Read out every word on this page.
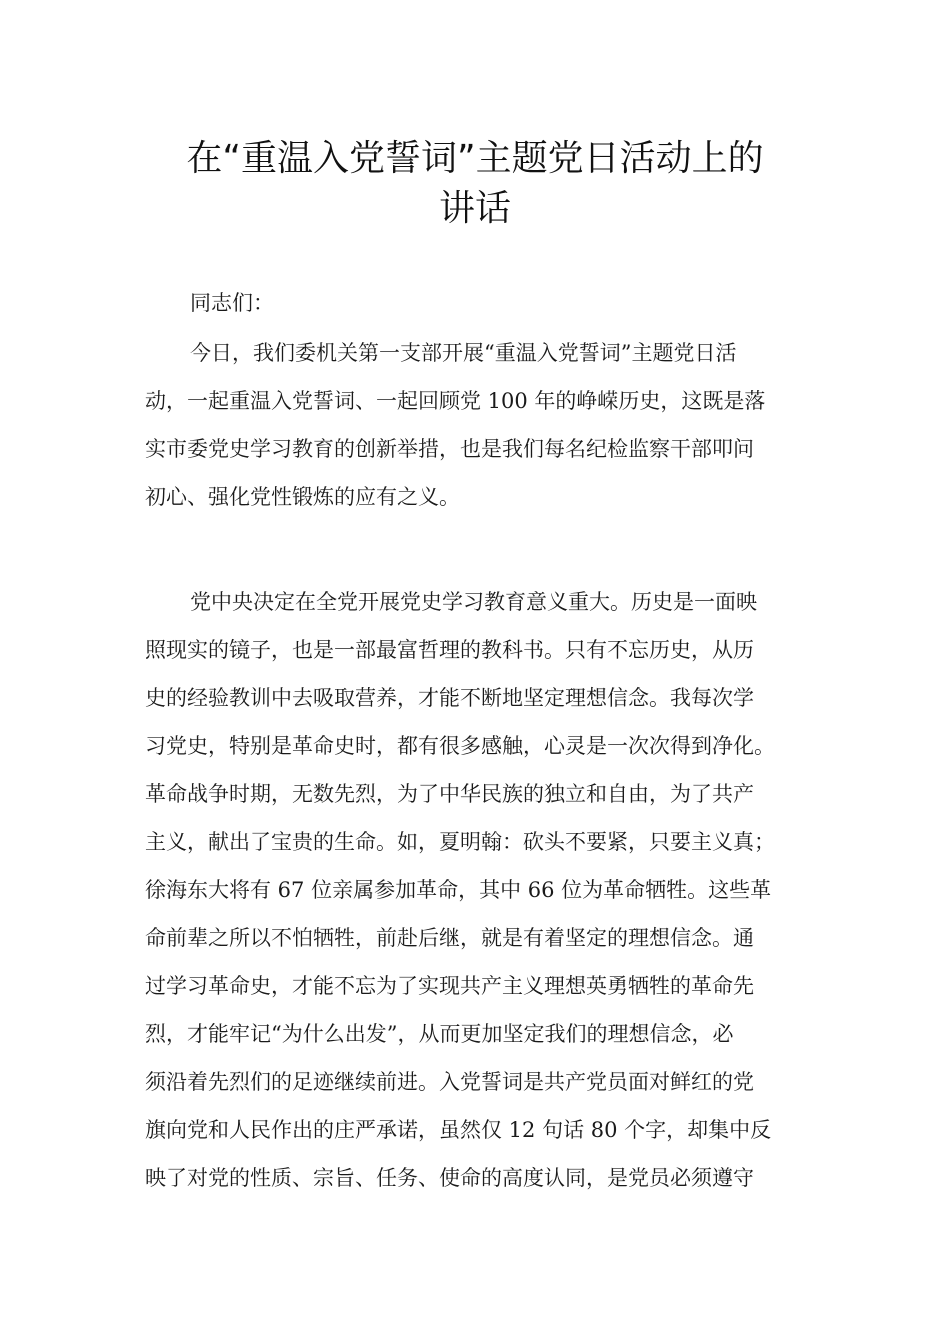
在“重温入党誓词”主题党日活动上的
讲话

同志们：

今日，我们委机关第一支部开展“重温入党誓词”主题党日活

动，一起重温入党誓词、一起回顾党 100 年的峥嵘历史，这既是落

实市委党史学习教育的创新举措，也是我们每名纪检监察干部叩问

初心、强化党性锻炼的应有之义。

党中央决定在全党开展党史学习教育意义重大。历史是一面映

照现实的镜子，也是一部最富哲理的教科书。只有不忘历史，从历

史的经验教训中去吸取营养，才能不断地坚定理想信念。我每次学

习党史，特别是革命史时，都有很多感触，心灵是一次次得到净化。

革命战争时期，无数先烈，为了中华民族的独立和自由，为了共产

主义，献出了宝贵的生命。如，夏明翰：砍头不要紧，只要主义真；

徐海东大将有 67 位亲属参加革命，其中 66 位为革命牺牲。这些革

命前辈之所以不怕牺牲，前赴后继，就是有着坚定的理想信念。通

过学习革命史，才能不忘为了实现共产主义理想英勇牺牲的革命先

烈，才能牢记“为什么出发”，从而更加坚定我们的理想信念，必

须沿着先烈们的足迹继续前进。入党誓词是共产党员面对鲜红的党

旗向党和人民作出的庄严承诺，虽然仅 12 句话 80 个字，却集中反

映了对党的性质、宗旨、任务、使命的高度认同，是党员必须遵守
